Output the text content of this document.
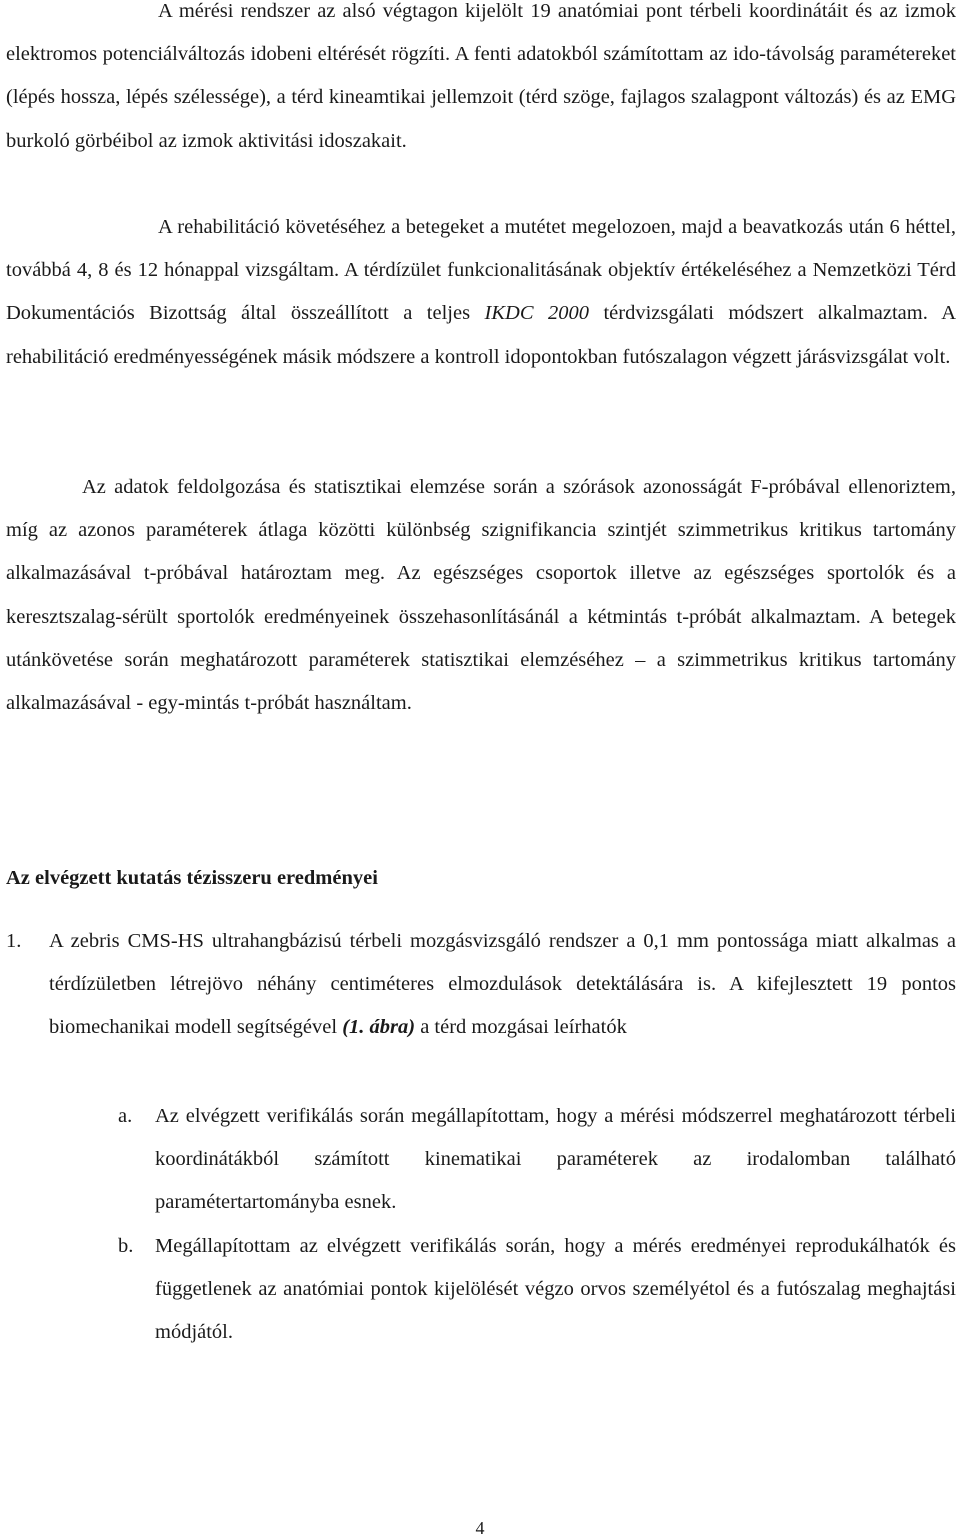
A mérési rendszer az alsó végtagon kijelölt 19 anatómiai pont térbeli koordinátáit és az izmok elektromos potenciálváltozás idobeni eltérését rögzíti. A fenti adatokból számítottam az ido-távolság paramétereket (lépés hossza, lépés szélessége), a térd kineamtikai jellemzoit (térd szöge, fajlagos szalagpont változás) és az EMG burkoló görbéibol az izmok aktivitási idoszakait.

A rehabilitáció követéséhez a betegeket a mutétet megelozoen, majd a beavatkozás után 6 héttel, továbbá 4, 8 és 12 hónappal vizsgáltam. A térdízület funkcionalitásának objektív értékeléséhez a Nemzetközi Térd Dokumentációs Bizottság által összeállított a teljes IKDC 2000 térdvizsgálati módszert alkalmaztam. A rehabilitáció eredményességének másik módszere a kontroll idopontokban futószalagon végzett járásvizsgálat volt.

Az adatok feldolgozása és statisztikai elemzése során a szórások azonosságát F-próbával ellenoriztem, míg az azonos paraméterek átlaga közötti különbség szignifikancia szintjét szimmetrikus kritikus tartomány alkalmazásával t-próbával határoztam meg. Az egészséges csoportok illetve az egészséges sportolók és a keresztszalag-sérült sportolók eredményeinek összehasonlításánál a kétmintás t-próbát alkalmaztam. A betegek utánkövetése során meghatározott paraméterek statisztikai elemzéséhez – a szimmetrikus kritikus tartomány alkalmazásával - egy-mintás t-próbát használtam.

Az elvégzett kutatás tézisszeru eredményei
1. A zebris CMS-HS ultrahangbázisú térbeli mozgásvizsgáló rendszer a 0,1 mm pontossága miatt alkalmas a térdízületben létrejövo néhány centiméteres elmozdulások detektálására is. A kifejlesztett 19 pontos biomechanikai modell segítségével (1. ábra) a térd mozgásai leírhatók
a. Az elvégzett verifikálás során megállapítottam, hogy a mérési módszerrel meghatározott térbeli koordinátákból számított kinematikai paraméterek az irodalomban található paramétertartományba esnek.
b. Megállapítottam az elvégzett verifikálás során, hogy a mérés eredményei reprodukálhatók és függetlenek az anatómiai pontok kijelölését végzo orvos személyétol és a futószalag meghajtási módjától.
4
